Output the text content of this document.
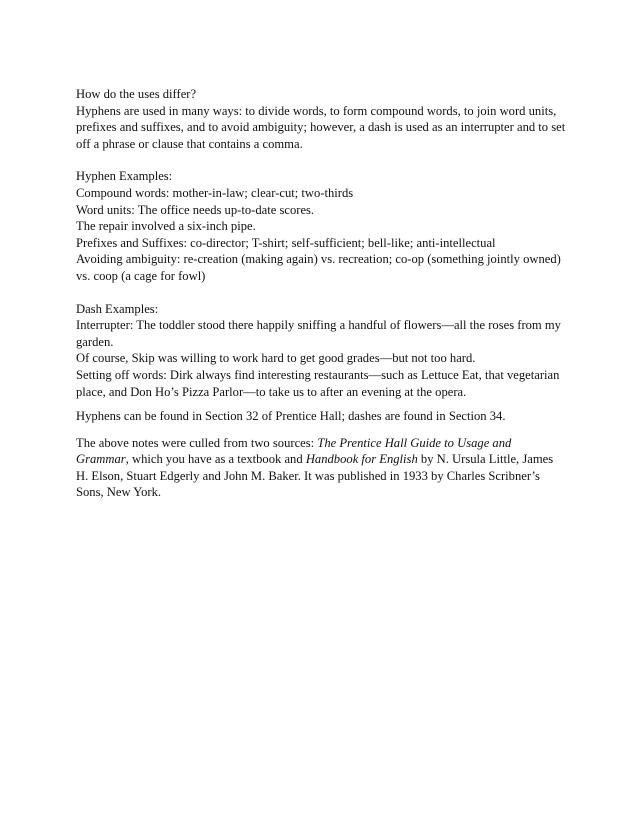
How do the uses differ?
Hyphens are used in many ways: to divide words, to form compound words, to join word units,
prefixes and suffixes, and to avoid ambiguity; however, a dash is used as an interrupter and to set
off a phrase or clause that contains a comma.
Hyphen Examples:
Compound words: mother-in-law; clear-cut; two-thirds
Word units: The office needs up-to-date scores.
The repair involved a six-inch pipe.
Prefixes and Suffixes: co-director; T-shirt; self-sufficient; bell-like; anti-intellectual
Avoiding ambiguity: re-creation (making again) vs. recreation; co-op (something jointly owned)
vs. coop (a cage for fowl)
Dash Examples:
Interrupter: The toddler stood there happily sniffing a handful of flowers—all the roses from my
garden.
Of course, Skip was willing to work hard to get good grades—but not too hard.
Setting off words: Dirk always find interesting restaurants—such as Lettuce Eat, that vegetarian
place, and Don Ho’s Pizza Parlor—to take us to after an evening at the opera.
Hyphens can be found in Section 32 of Prentice Hall; dashes are found in Section 34.
The above notes were culled from two sources: The Prentice Hall Guide to Usage and
Grammar, which you have as a textbook and Handbook for English by N. Ursula Little, James
H. Elson, Stuart Edgerly and John M. Baker. It was published in 1933 by Charles Scribner’s
Sons, New York.
